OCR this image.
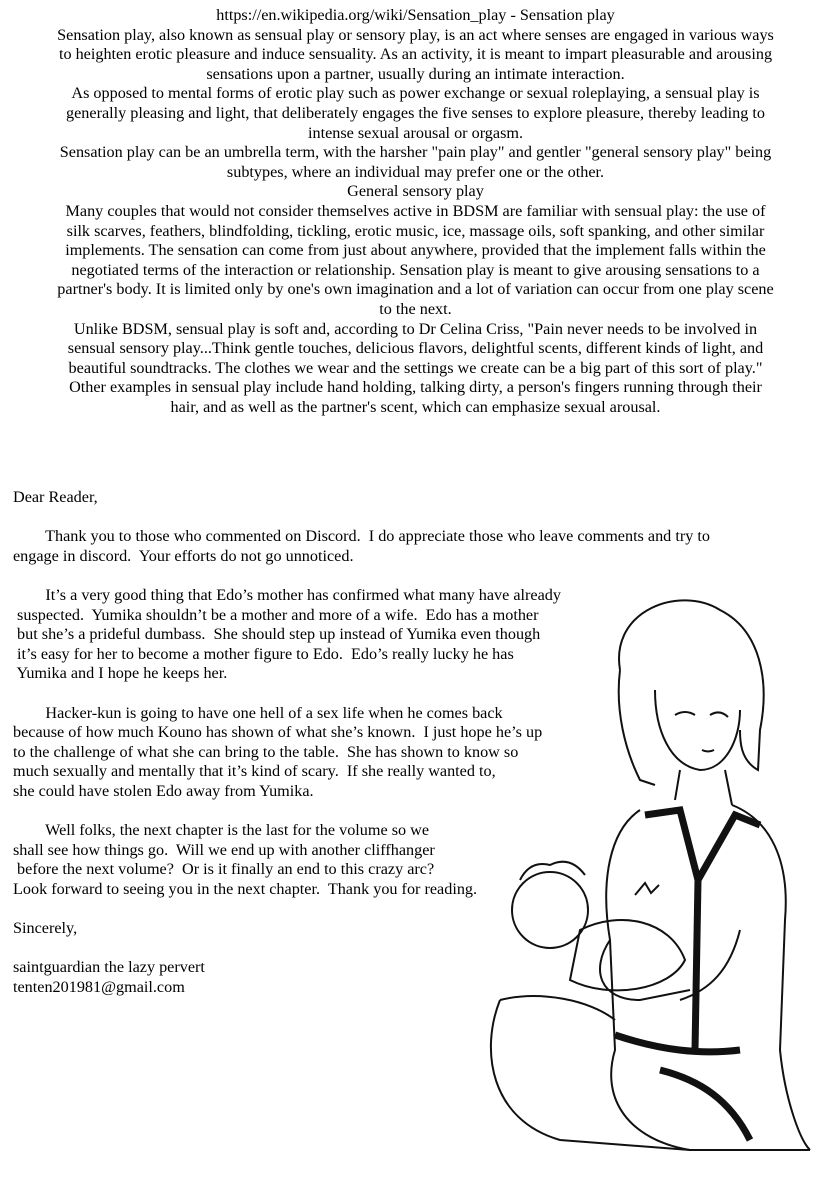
https://en.wikipedia.org/wiki/Sensation_play - Sensation play
Sensation play, also known as sensual play or sensory play, is an act where senses are engaged in various ways
to heighten erotic pleasure and induce sensuality. As an activity, it is meant to impart pleasurable and arousing
sensations upon a partner, usually during an intimate interaction.
As opposed to mental forms of erotic play such as power exchange or sexual roleplaying, a sensual play is
generally pleasing and light, that deliberately engages the five senses to explore pleasure, thereby leading to
intense sexual arousal or orgasm.
Sensation play can be an umbrella term, with the harsher "pain play" and gentler "general sensory play" being
subtypes, where an individual may prefer one or the other.
General sensory play
Many couples that would not consider themselves active in BDSM are familiar with sensual play: the use of
silk scarves, feathers, blindfolding, tickling, erotic music, ice, massage oils, soft spanking, and other similar
implements. The sensation can come from just about anywhere, provided that the implement falls within the
negotiated terms of the interaction or relationship. Sensation play is meant to give arousing sensations to a
partner's body. It is limited only by one's own imagination and a lot of variation can occur from one play scene
to the next.
Unlike BDSM, sensual play is soft and, according to Dr Celina Criss, "Pain never needs to be involved in
sensual sensory play...Think gentle touches, delicious flavors, delightful scents, different kinds of light, and
beautiful soundtracks. The clothes we wear and the settings we create can be a big part of this sort of play."
Other examples in sensual play include hand holding, talking dirty, a person's fingers running through their
hair, and as well as the partner's scent, which can emphasize sexual arousal.
Dear Reader,
Thank you to those who commented on Discord.  I do appreciate those who leave comments and try to
engage in discord.  Your efforts do not go unnoticed.
It’s a very good thing that Edo’s mother has confirmed what many have already
suspected.  Yumika shouldn’t be a mother and more of a wife.  Edo has a mother
but she’s a prideful dumbass.  She should step up instead of Yumika even though
it’s easy for her to become a mother figure to Edo.  Edo’s really lucky he has
Yumika and I hope he keeps her.
Hacker-kun is going to have one hell of a sex life when he comes back
because of how much Kouno has shown of what she’s known.  I just hope he’s up
to the challenge of what she can bring to the table.  She has shown to know so
much sexually and mentally that it’s kind of scary.  If she really wanted to,
she could have stolen Edo away from Yumika.
Well folks, the next chapter is the last for the volume so we
shall see how things go.  Will we end up with another cliffhanger
before the next volume?  Or is it finally an end to this crazy arc?
Look forward to seeing you in the next chapter.  Thank you for reading.
Sincerely,
saintguardian the lazy pervert
tenten201981@gmail.com
